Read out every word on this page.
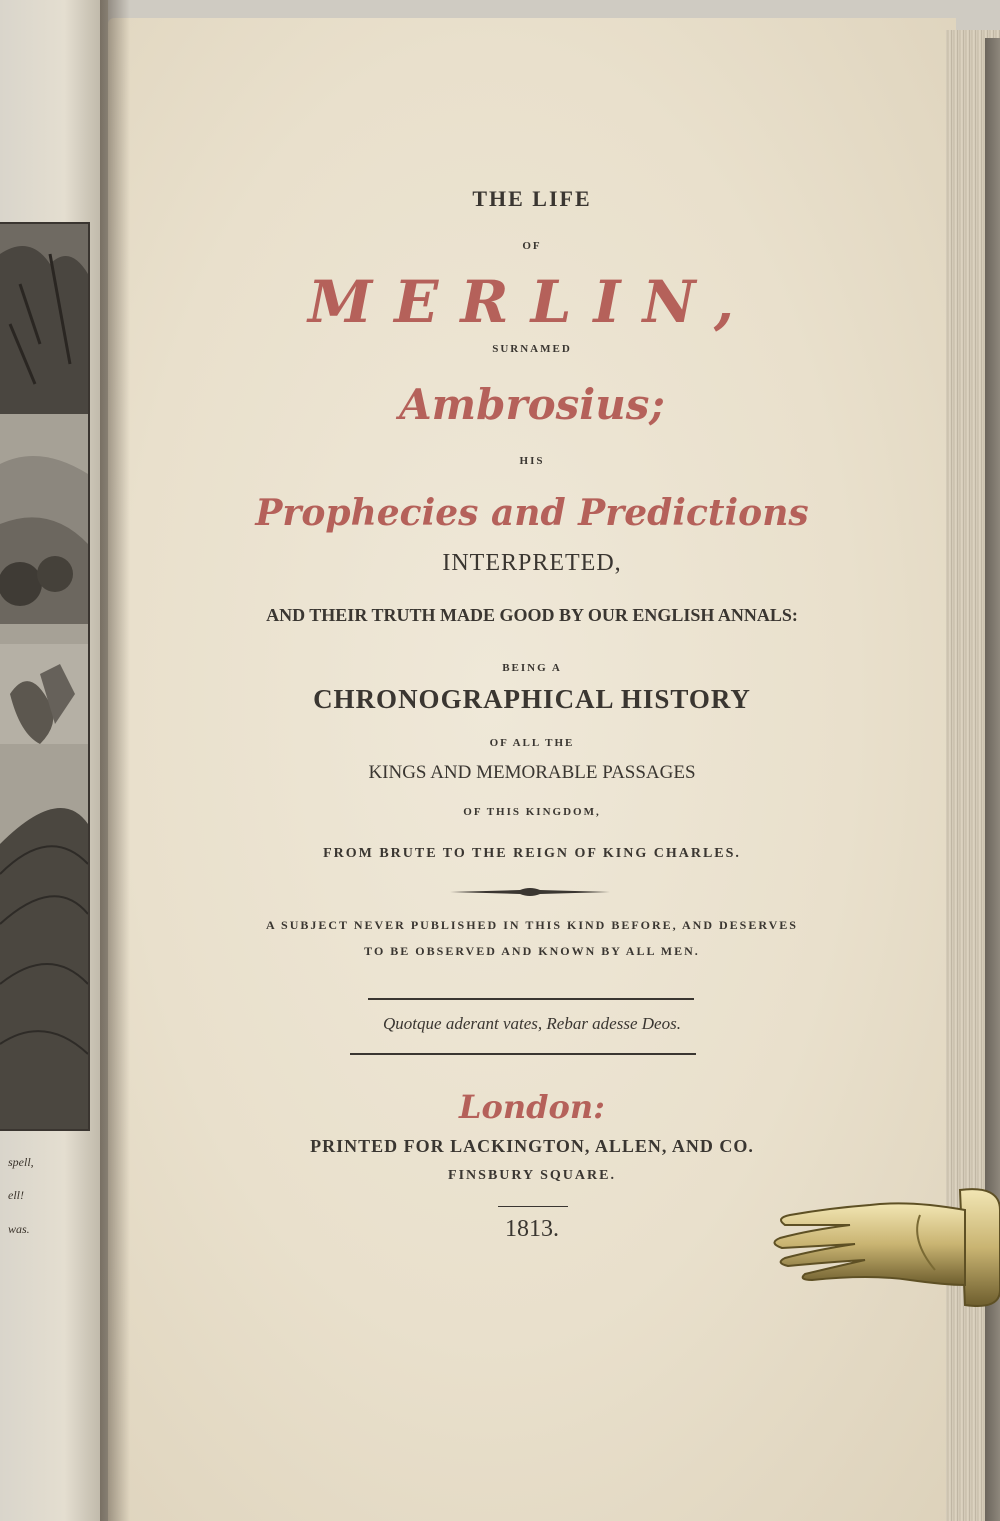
spell,
ell!
was.
THE LIFE
OF
MERLIN,
SURNAMED
Ambrosius;
HIS
Prophecies and Predictions
INTERPRETED,
AND THEIR TRUTH MADE GOOD BY OUR ENGLISH ANNALS:
BEING A
CHRONOGRAPHICAL HISTORY
OF ALL THE
KINGS AND MEMORABLE PASSAGES
OF THIS KINGDOM,
FROM BRUTE TO THE REIGN OF KING CHARLES.
A SUBJECT NEVER PUBLISHED IN THIS KIND BEFORE, AND DESERVES
TO BE OBSERVED AND KNOWN BY ALL MEN.
Quotque aderant vates, Rebar adesse Deos.
London:
PRINTED FOR LACKINGTON, ALLEN, AND CO.
FINSBURY SQUARE.
1813.
